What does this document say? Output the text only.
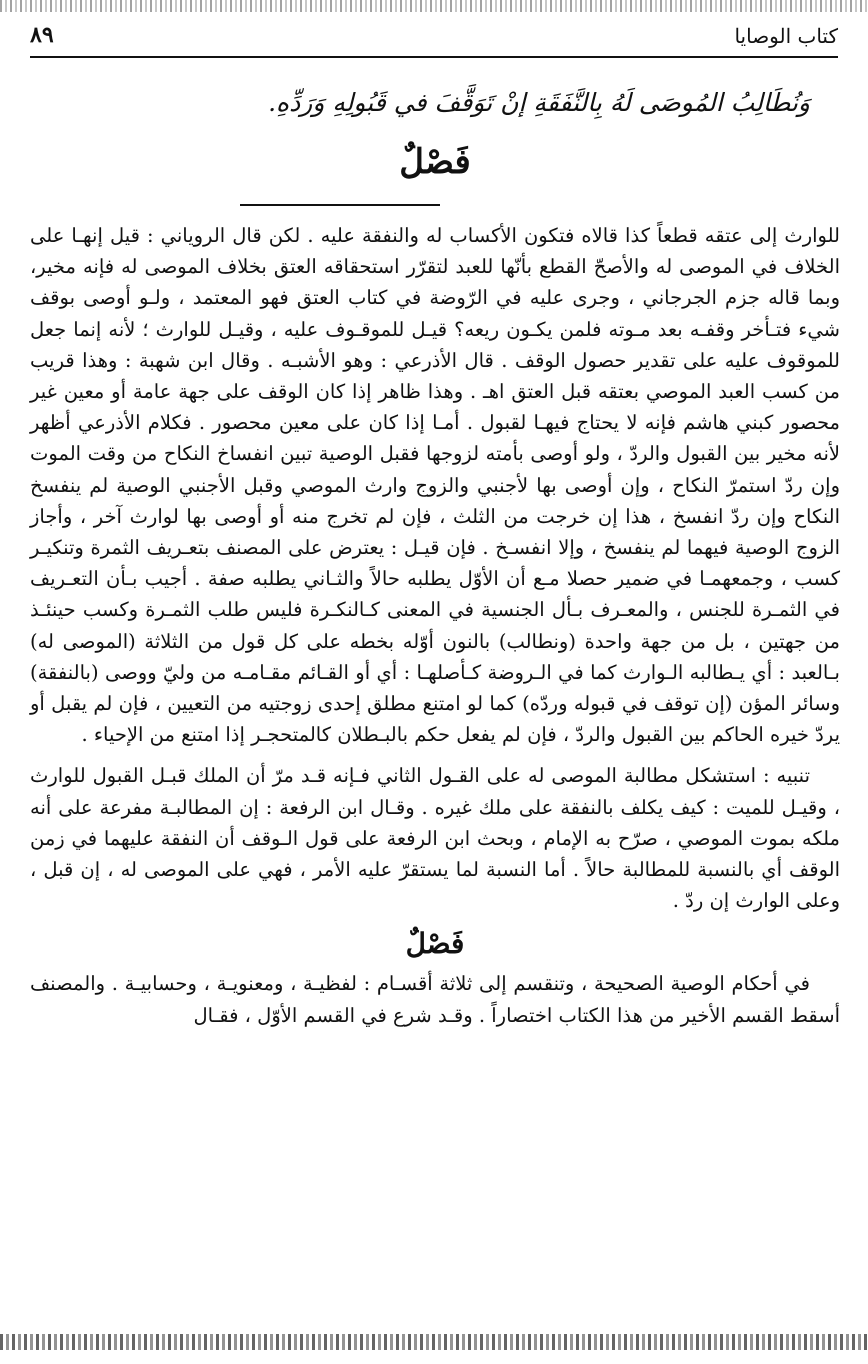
٨٩	كتاب الوصايا

وَنُطَالِبُ المُوصَى لَهُ بِالنَّفَقَةِ إنْ تَوَقَّفَ في قَبُولِهِ وَرَدِّهِ.

فَصْلٌ

للوارث إلى عتقه قطعاً كذا قالاه فتكون الأكساب له والنفقة عليه . لكن قال الروياني : قيل إنهـا على الخلاف في الموصى له والأصحّ القطع بأنّها للعبد لتقرّر استحقاقه العتق بخلاف الموصى له فإنه مخير، وبما قاله جزم الجرجاني ، وجرى عليه في الرّوضة في كتاب العتق فهو المعتمد ، ولـو أوصى بوقف شيء فتـأخر وقفـه بعد مـوته فلمن يكـون ريعه؟ قيـل للموقـوف عليه ، وقيـل للوارث ؛ لأنه إنما جعل للموقوف عليه على تقدير حصول الوقف . قال الأذرعي : وهو الأشبـه . وقال ابن شهبة : وهذا قريب من كسب العبد الموصي بعتقه قبل العتق اهـ . وهذا ظاهر إذا كان الوقف على جهة عامة أو معين غير محصور كبني هاشم فإنه لا يحتاج فيهـا لقبول . أمـا إذا كان على معين محصور . فكلام الأذرعي أظهر لأنه مخير بين القبول والردّ ، ولو أوصى بأمته لزوجها فقبل الوصية تبين انفساخ النكاح من وقت الموت وإن ردّ استمرّ النكاح ، وإن أوصى بها لأجنبي والزوج وارث الموصي وقبل الأجنبي الوصية لم ينفسخ النكاح وإن ردّ انفسخ ، هذا إن خرجت من الثلث ، فإن لم تخرج منه أو أوصى بها لوارث آخر ، وأجاز الزوج الوصية فيهما لم ينفسخ ، وإلا انفسـخ . فإن قيـل : يعترض على المصنف بتعـريف الثمرة وتنكيـر كسب ، وجمعهمـا في ضمير حصلا مـع أن الأوّل يطلبه حالاً والثـاني يطلبه صفة . أجيب بـأن التعـريف في الثمـرة للجنس ، والمعـرف بـأل الجنسية في المعنى كـالنكـرة فليس طلب الثمـرة وكسب حينئـذ من جهتين ، بل من جهة واحدة (ونطالب) بالنون أوّله بخطه على كل قول من الثلاثة (الموصى له) بـالعبد : أي يـطالبه الـوارث كما في الـروضة كـأصلهـا : أي أو القـائم مقـامـه من وليّ ووصى (بالنفقة) وسائر المؤن (إن توقف في قبوله وردّه) كما لو امتنع مطلق إحدى زوجتيه من التعيين ، فإن لم يقبل أو يردّ خيره الحاكم بين القبول والردّ ، فإن لم يفعل حكم بالبـطلان كالمتحجـر إذا امتنع من الإحياء .

تنبيه : استشكل مطالبة الموصى له على القـول الثاني فـإنه قـد مرّ أن الملك قبـل القبول للوارث ، وقيـل للميت : كيف يكلف بالنفقة على ملك غيره . وقـال ابن الرفعة : إن المطالبـة مفرعة على أنه ملكه بموت الموصي ، صرّح به الإمام ، وبحث ابن الرفعة على قول الـوقف أن النفقة عليهما في زمن الوقف أي بالنسبة للمطالبة حالاً . أما النسبة لما يستقرّ عليه الأمر ، فهي على الموصى له ، إن قبل ، وعلى الوارث إن ردّ .

فَصْلٌ

في أحكام الوصية الصحيحة ، وتنقسم إلى ثلاثة أقسـام : لفظيـة ، ومعنويـة ، وحسابيـة . والمصنف أسقط القسم الأخير من هذا الكتاب اختصاراً . وقـد شرع في القسم الأوّل ، فقـال
